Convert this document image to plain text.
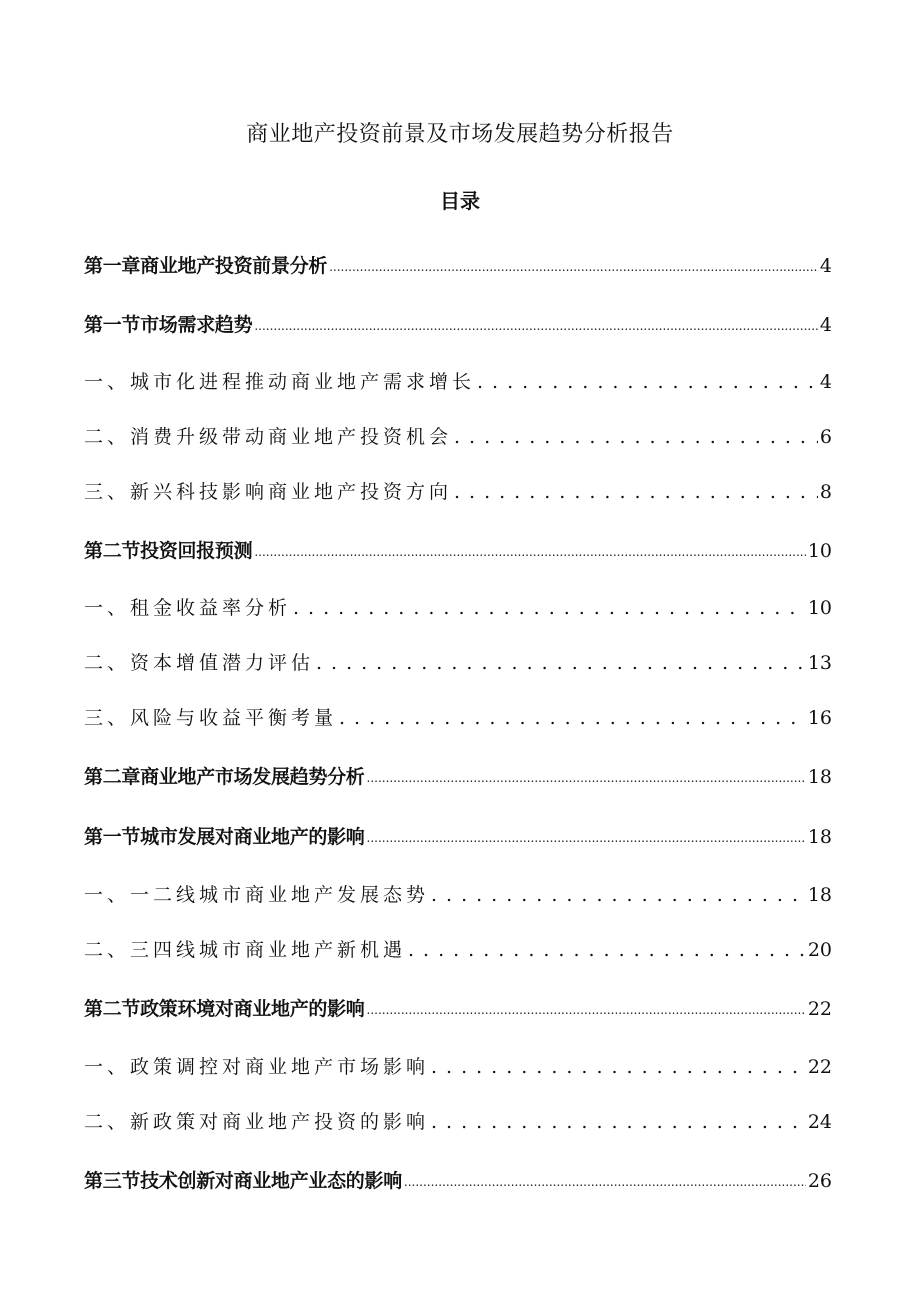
商业地产投资前景及市场发展趋势分析报告
目录
第一章商业地产投资前景分析 .....	4
第一节市场需求趋势 .....	4
一、城市化进程推动商业地产需求增长 .....	4
二、消费升级带动商业地产投资机会 .....	6
三、新兴科技影响商业地产投资方向 .....	8
第二节投资回报预测 .....	10
一、租金收益率分析 .....	10
二、资本增值潜力评估 .....	13
三、风险与收益平衡考量 .....	16
第二章商业地产市场发展趋势分析 .....	18
第一节城市发展对商业地产的影响 .....	18
一、一二线城市商业地产发展态势 .....	18
二、三四线城市商业地产新机遇 .....	20
第二节政策环境对商业地产的影响 .....	22
一、政策调控对商业地产市场影响 .....	22
二、新政策对商业地产投资的影响 .....	24
第三节技术创新对商业地产业态的影响 .....	26
